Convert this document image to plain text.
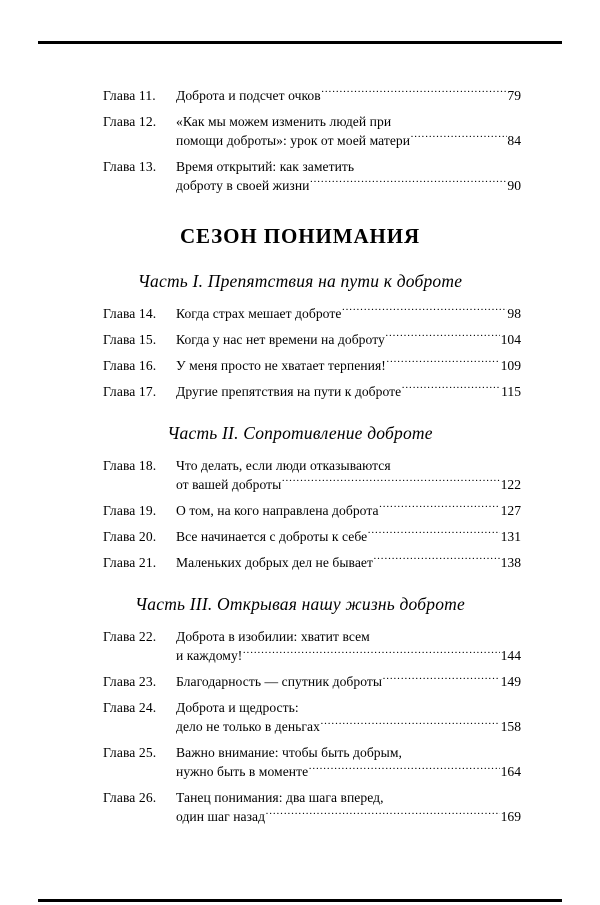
Глава 11.	Доброта и подсчет очков .....	79
Глава 12.	«Как мы можем изменить людей при
помощи доброты»: урок от моей матери .....	84
Глава 13.	Время открытий: как заметить
доброту в своей жизни .....	90
СЕЗОН ПОНИМАНИЯ
Часть I. Препятствия на пути к доброте
Глава 14.	Когда страх мешает доброте .....	98
Глава 15.	Когда у нас нет времени на доброту .....	104
Глава 16.	У меня просто не хватает терпения! .....	109
Глава 17.	Другие препятствия на пути к доброте .....	115
Часть II. Сопротивление доброте
Глава 18.	Что делать, если люди отказываются
от вашей доброты .....	122
Глава 19.	О том, на кого направлена доброта .....	127
Глава 20.	Все начинается с доброты к себе .....	131
Глава 21.	Маленьких добрых дел не бывает .....	138
Часть III. Открывая нашу жизнь доброте
Глава 22.	Доброта в изобилии: хватит всем
и каждому! .....	144
Глава 23.	Благодарность — спутник доброты .....	149
Глава 24.	Доброта и щедрость:
дело не только в деньгах .....	158
Глава 25.	Важно внимание: чтобы быть добрым,
нужно быть в моменте .....	164
Глава 26.	Танец понимания: два шага вперед,
один шаг назад .....	169
